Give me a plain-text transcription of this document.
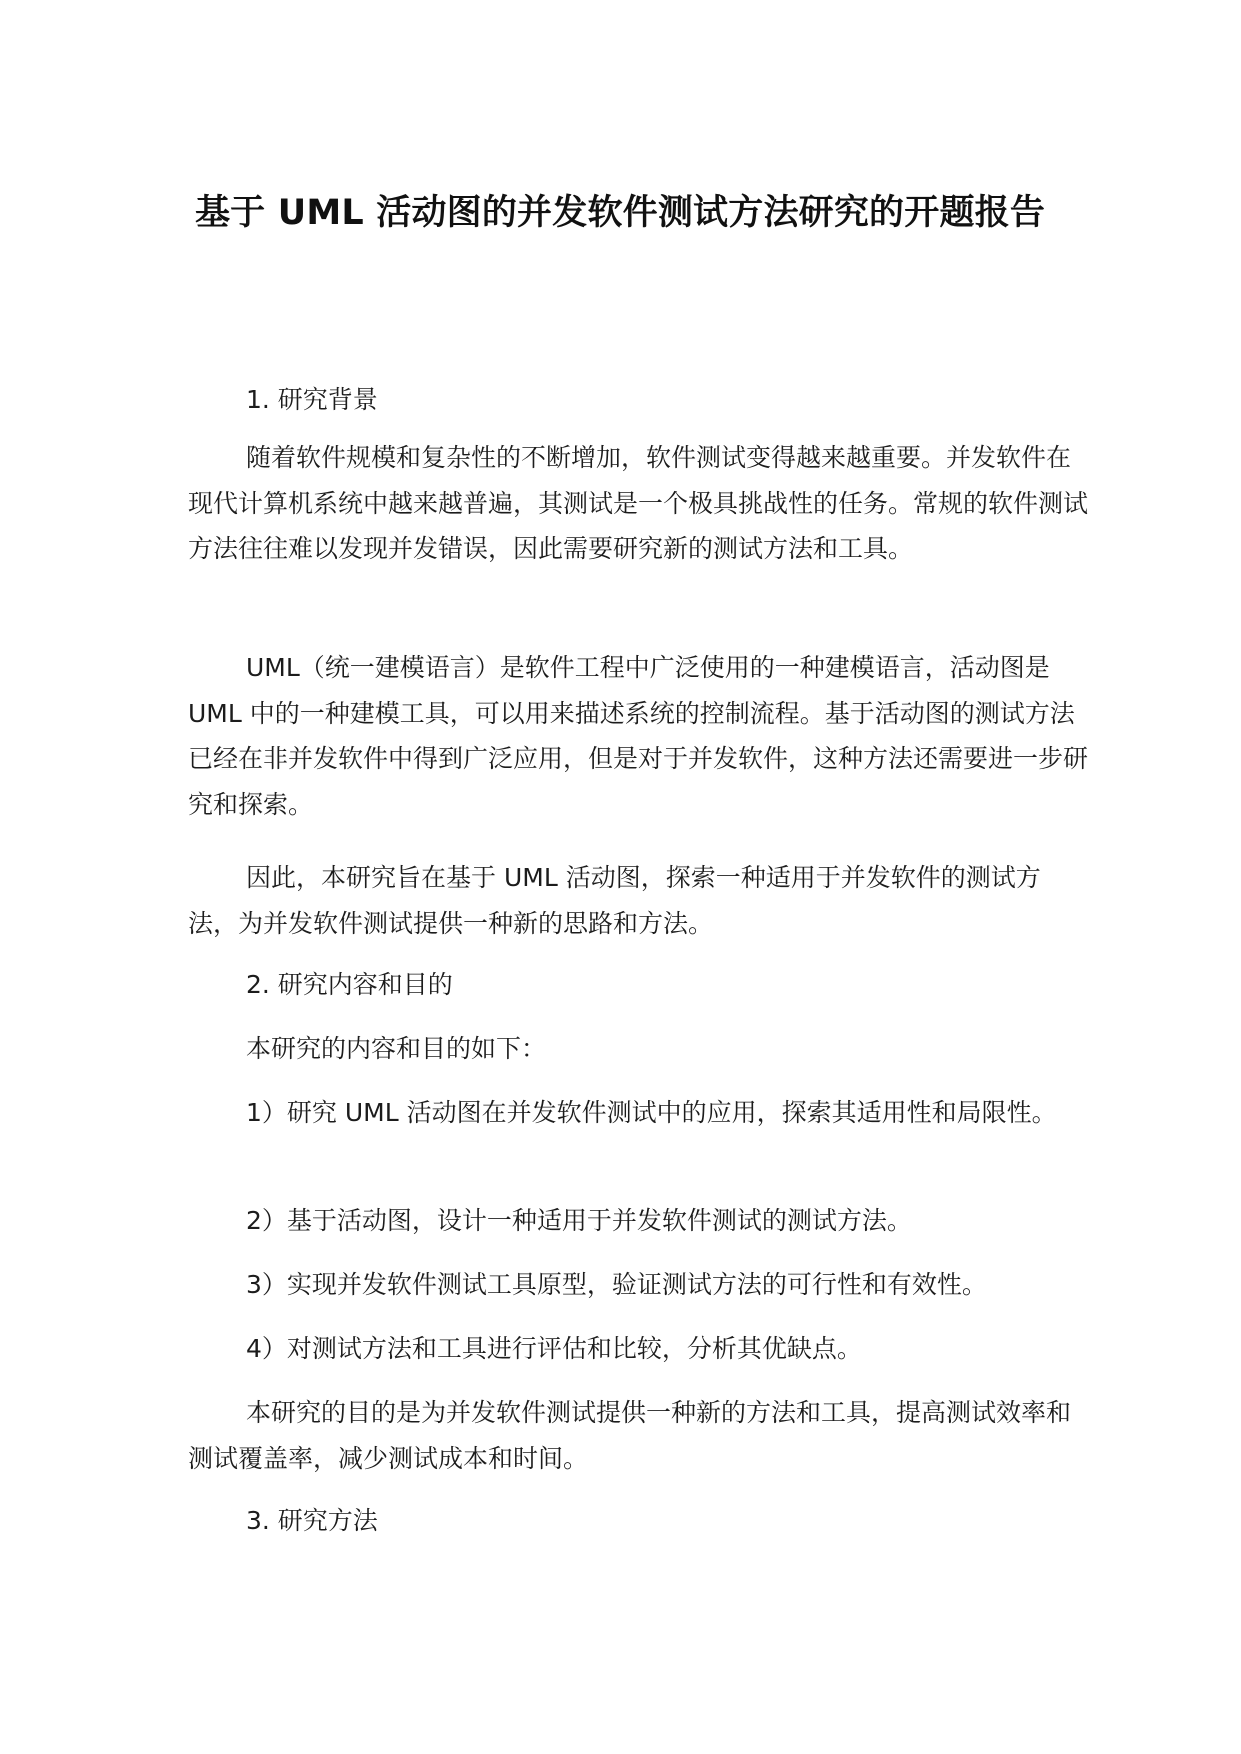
基于 UML 活动图的并发软件测试方法研究的开题报告

1. 研究背景

随着软件规模和复杂性的不断增加，软件测试变得越来越重要。并发软件在现代计算机系统中越来越普遍，其测试是一个极具挑战性的任务。常规的软件测试方法往往难以发现并发错误，因此需要研究新的测试方法和工具。

UML（统一建模语言）是软件工程中广泛使用的一种建模语言，活动图是 UML 中的一种建模工具，可以用来描述系统的控制流程。基于活动图的测试方法已经在非并发软件中得到广泛应用，但是对于并发软件，这种方法还需要进一步研究和探索。

因此，本研究旨在基于 UML 活动图，探索一种适用于并发软件的测试方法，为并发软件测试提供一种新的思路和方法。

2. 研究内容和目的

本研究的内容和目的如下：

1）研究 UML 活动图在并发软件测试中的应用，探索其适用性和局限性。

2）基于活动图，设计一种适用于并发软件测试的测试方法。

3）实现并发软件测试工具原型，验证测试方法的可行性和有效性。

4）对测试方法和工具进行评估和比较，分析其优缺点。

本研究的目的是为并发软件测试提供一种新的方法和工具，提高测试效率和测试覆盖率，减少测试成本和时间。

3. 研究方法
